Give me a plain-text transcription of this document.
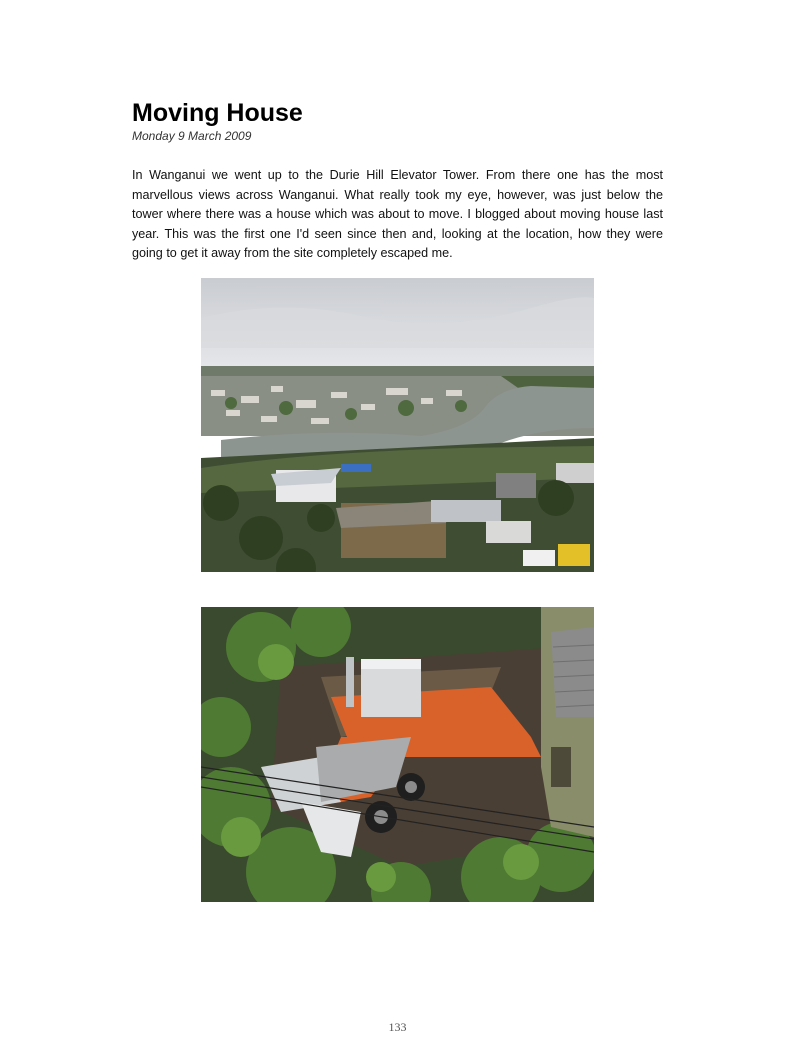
Moving House
Monday 9 March 2009
In Wanganui we went up to the Durie Hill Elevator Tower. From there one has the most marvellous views across Wanganui. What really took my eye, however, was just below the tower where there was a house which was about to move. I blogged about moving house last year. This was the first one I'd seen since then and, looking at the location, how they were going to get it away from the site completely escaped me.
133
